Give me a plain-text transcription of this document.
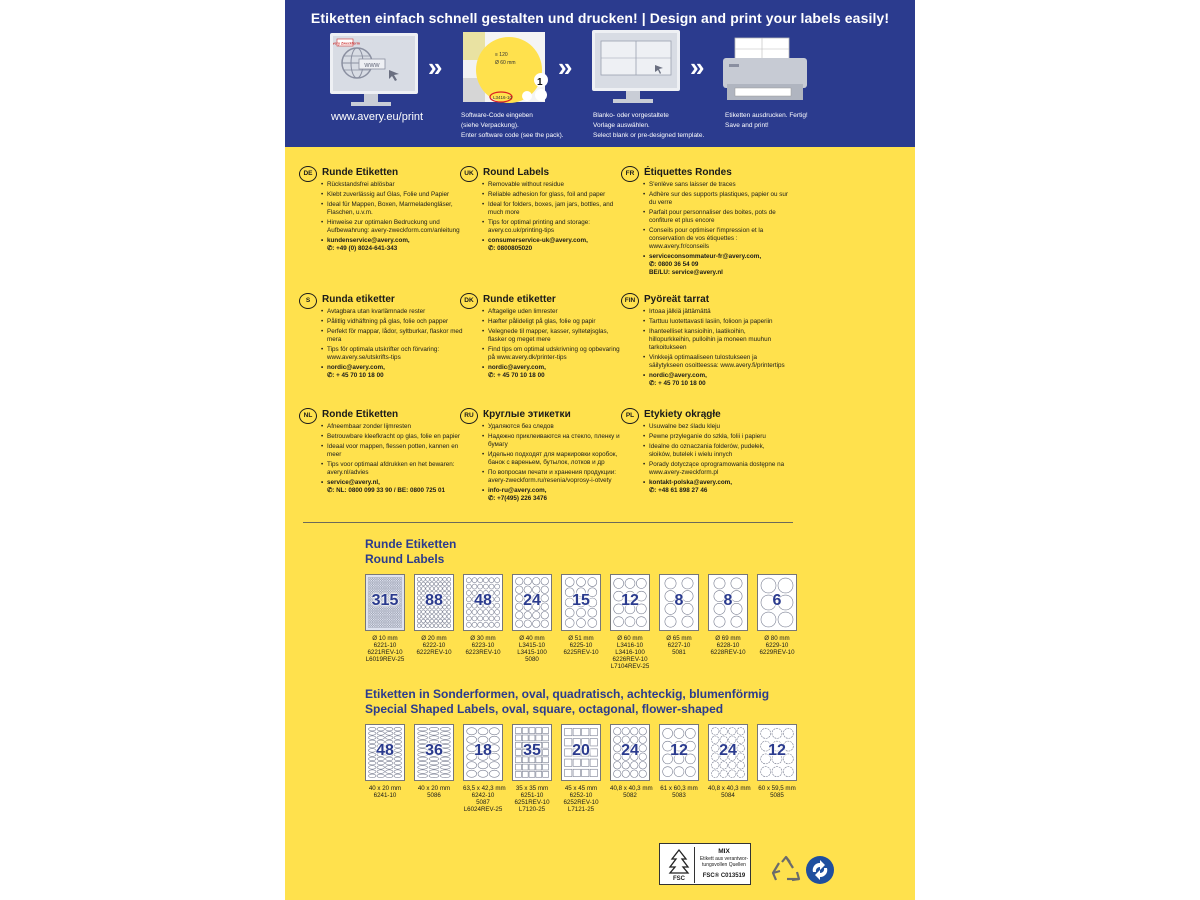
Etiketten einfach schnell gestalten und drucken! | Design and print your labels easily!
www
Avery Zweckform
www.avery.eu/print
»	≡ 120
Ø 60 mm
L3416-10
1
Software-Code eingeben
(siehe Verpackung).
Enter software code (see the pack).
»
Blanko- oder vorgestaltete
Vorlage auswählen.
Select blank or pre-designed template.
»
Etiketten ausdrucken. Fertig!
Save and print!
DE Runde Etiketten
• Rückstandsfrei ablösbar
• Klebt zuverlässig auf Glas, Folie und Papier
• Ideal für Mappen, Boxen, Marmeladengläser, Flaschen, u.v.m.
• Hinweise zur optimalen Bedruckung und Aufbewahrung: avery-zweckform.com/anleitung
• kundenservice@avery.com,
✆: +49 (0) 8024-641-343
UK Round Labels
• Removable without residue
• Reliable adhesion for glass, foil and paper
• Ideal for folders, boxes, jam jars, bottles, and much more
• Tips for optimal printing and storage: avery.co.uk/printing-tips
• consumerservice-uk@avery.com,
✆: 0800805020
FR Étiquettes Rondes
• S'enlève sans laisser de traces
• Adhère sur des supports plastiques, papier ou sur du verre
• Parfait pour personnaliser des boites, pots de confiture et plus encore
• Conseils pour optimiser l'impression et la conservation de vos étiquettes : www.avery.fr/conseils
• serviceconsommateur-fr@avery.com,
✆: 0800 36 54 09
BE/LU: service@avery.nl
S	Runda etiketter
• Avtagbara utan kvarlämnade rester
• Pålitlig vidhäftning på glas, folie och papper
• Perfekt för mappar, lådor, syltburkar, flaskor med mera
• Tips för optimala utskrifter och förvaring: www.avery.se/utskrifts-tips
• nordic@avery.com,
✆: + 45 70 10 18 00
DK Runde etiketter
• Aftagelige uden limrester
• Hæfter pålideligt på glas, folie og papir
• Velegnede til mapper, kasser, syltetøjsglas, flasker og meget mere
• Find tips om optimal udskrivning og opbevaring på www.avery.dk/printer-tips
• nordic@avery.com,
✆: + 45 70 10 18 00
FIN Pyöreät tarrat
• Irtoaa jälkiä jättämättä
• Tarttuu luotettavasti lasiin, folioon ja paperiin
• Ihanteelliset kansioihin, laatikoihin, hillopurkkeihin, pulloihin ja moneen muuhun tarkoitukseen
• Vinkkejä optimaaliseen tulostukseen ja säilytykseen osoitteessa: www.avery.fi/printertips
• nordic@avery.com,
✆: + 45 70 10 18 00
NL Ronde Etiketten
• Afneembaar zonder lijmresten
• Betrouwbare kleefkracht op glas, folie en papier
• Ideaal voor mappen, flessen potten, kannen en meer
• Tips voor optimaal afdrukken en het bewaren: avery.nl/advies
• service@avery.nl,
✆: NL: 0800 099 33 90 / BE: 0800 725 01
RU Круглые этикетки
• Удаляются без следов
• Надежно приклеиваются на стекло, пленку и бумагу
• Идельно подходят для маркировки коробок, банок с вареньем, бутылок, лотков и др
• По вопросам печати и хранения продукции: avery-zweckform.ru/resenia/voprosy-i-otvety
• info-ru@avery.com,
✆: +7(495) 226 3476
PL Etykiety okrągłe
• Usuwalne bez śladu kleju
• Pewne przyleganie do szkła, folii i papieru
• Idealne do oznaczania folderów, pudełek, słoików, butelek i wielu innych
• Porady dotyczące oprogramowania dostępne na www.avery-zweckform.pl
• kontakt-polska@avery.com,
✆: +48 61 898 27 46
Runde Etiketten
Round Labels
315
Ø 10 mm
6221-10
6221REV-10
L6019REV-25
88
Ø 20 mm
6222-10
6222REV-10
48
Ø 30 mm
6223-10
6223REV-10
24
Ø 40 mm
L3415-10
L3415-100
5080
15
Ø 51 mm
6225-10
6225REV-10
12
Ø 60 mm
L3416-10
L3416-100
6226REV-10
L7104REV-25
8
Ø 65 mm
6227-10
5081
8
Ø 69 mm
6228-10
6228REV-10
6
Ø 80 mm
6229-10
6229REV-10
Etiketten in Sonderformen, oval, quadratisch, achteckig, blumenförmig
Special Shaped Labels, oval, square, octagonal, flower-shaped
48
40 x 20 mm
6241-10
36
40 x 20 mm
5086
18
63,5 x 42,3 mm
6242-10
5087
L6024REV-25
35
35 x 35 mm
6251-10
6251REV-10
L7120-25
20
45 x 45 mm
6252-10
6252REV-10
L7121-25
24
40,8 x 40,3 mm
5082
12
61 x 60,3 mm
5083
24
40,8 x 40,3 mm
5084
12
60 x 59,5 mm
5085
FSC
MIX
Etikett aus verantwor-
tungsvollen Quellen
FSC® C013519
